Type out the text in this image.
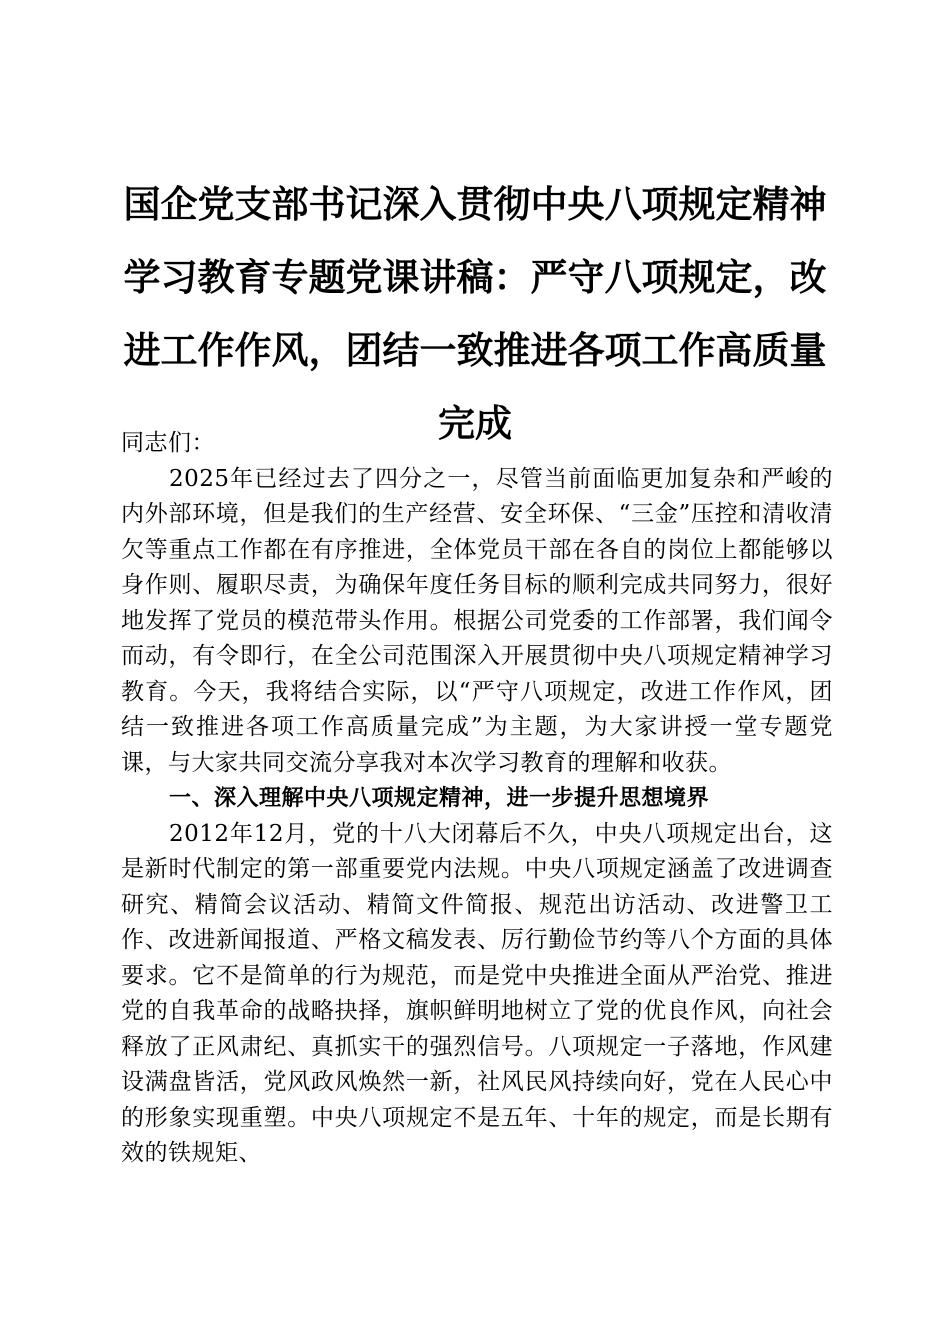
国企党支部书记深入贯彻中央八项规定精神学习教育专题党课讲稿：严守八项规定，改进工作作风，团结一致推进各项工作高质量完成

同志们：

2025年已经过去了四分之一，尽管当前面临更加复杂和严峻的内外部环境，但是我们的生产经营、安全环保、“三金”压控和清收清欠等重点工作都在有序推进，全体党员干部在各自的岗位上都能够以身作则、履职尽责，为确保年度任务目标的顺利完成共同努力，很好地发挥了党员的模范带头作用。根据公司党委的工作部署，我们闻令而动，有令即行，在全公司范围深入开展贯彻中央八项规定精神学习教育。今天，我将结合实际，以“严守八项规定，改进工作作风，团结一致推进各项工作高质量完成”为主题，为大家讲授一堂专题党课，与大家共同交流分享我对本次学习教育的理解和收获。

一、深入理解中央八项规定精神，进一步提升思想境界

2012年12月，党的十八大闭幕后不久，中央八项规定出台，这是新时代制定的第一部重要党内法规。中央八项规定涵盖了改进调查研究、精简会议活动、精简文件简报、规范出访活动、改进警卫工作、改进新闻报道、严格文稿发表、厉行勤俭节约等八个方面的具体要求。它不是简单的行为规范，而是党中央推进全面从严治党、推进党的自我革命的战略抉择，旗帜鲜明地树立了党的优良作风，向社会释放了正风肃纪、真抓实干的强烈信号。八项规定一子落地，作风建设满盘皆活，党风政风焕然一新，社风民风持续向好，党在人民心中的形象实现重塑。中央八项规定不是五年、十年的规定，而是长期有效的铁规矩、
